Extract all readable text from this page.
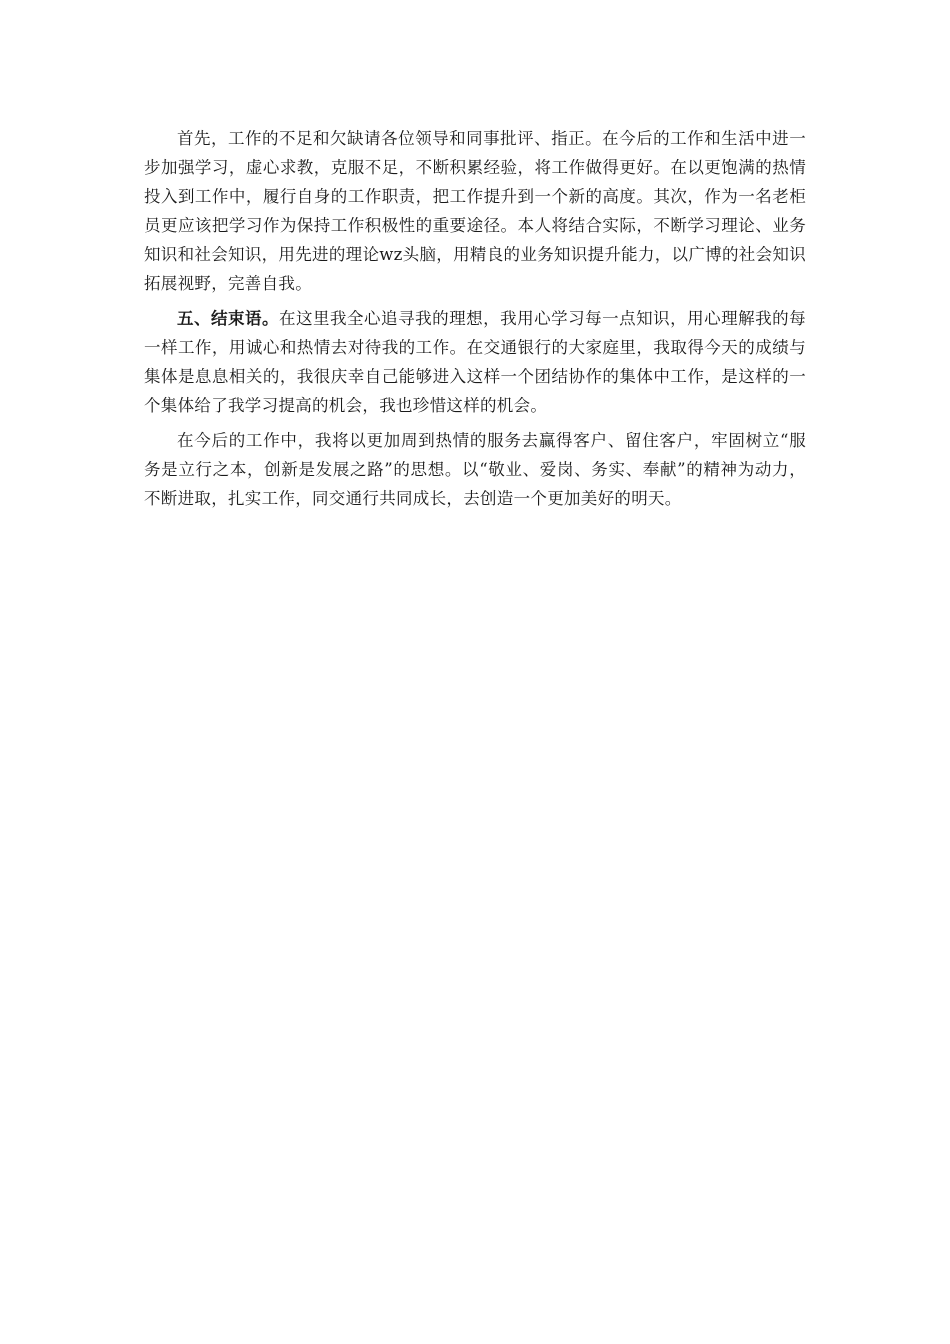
首先，工作的不足和欠缺请各位领导和同事批评、指正。在今后的工作和生活中进一步加强学习，虚心求教，克服不足，不断积累经验，将工作做得更好。在以更饱满的热情投入到工作中，履行自身的工作职责，把工作提升到一个新的高度。其次，作为一名老柜员更应该把学习作为保持工作积极性的重要途径。本人将结合实际，不断学习理论、业务知识和社会知识，用先进的理论wz头脑，用精良的业务知识提升能力，以广博的社会知识拓展视野，完善自我。

五、结束语。在这里我全心追寻我的理想，我用心学习每一点知识，用心理解我的每一样工作，用诚心和热情去对待我的工作。在交通银行的大家庭里，我取得今天的成绩与集体是息息相关的，我很庆幸自己能够进入这样一个团结协作的集体中工作，是这样的一个集体给了我学习提高的机会，我也珍惜这样的机会。

在今后的工作中，我将以更加周到热情的服务去赢得客户、留住客户，牢固树立“服务是立行之本，创新是发展之路”的思想。以“敬业、爱岗、务实、奉献”的精神为动力，不断进取，扎实工作，同交通行共同成长，去创造一个更加美好的明天。
